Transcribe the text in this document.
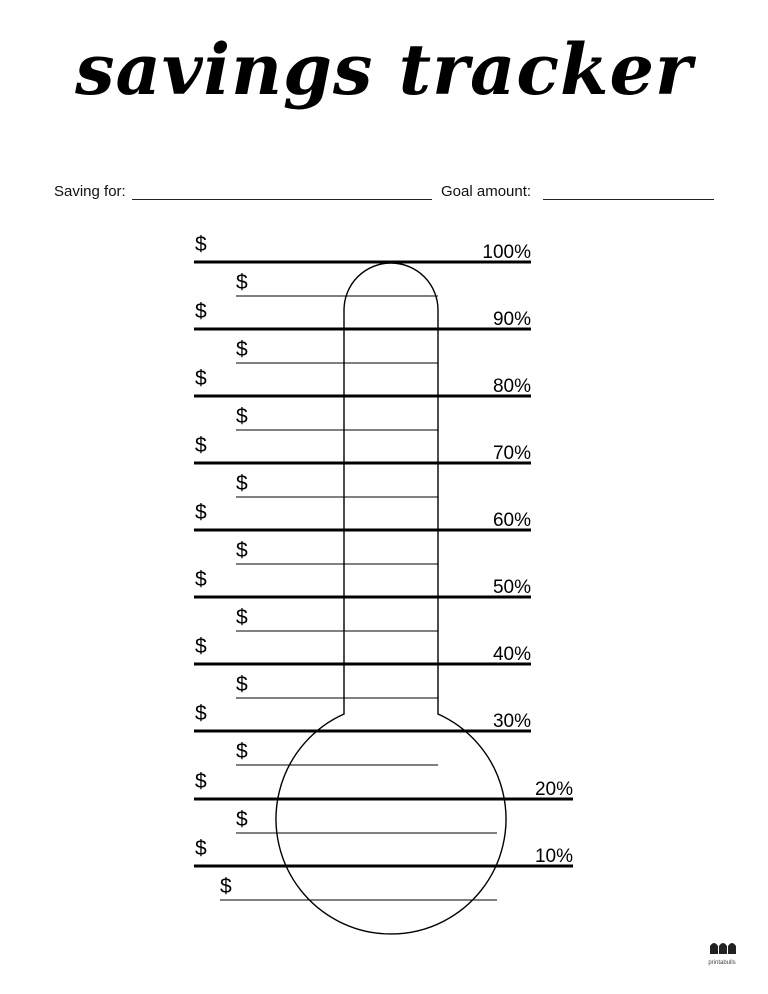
savings tracker
Saving for:	Goal amount:
$	100%
$	90%
$	80%
$	70%
$	60%
$	50%
$	40%
$	30%
$	20%
$	10%
$
$
$
$
$
$
$
$
$
$
printabulls
